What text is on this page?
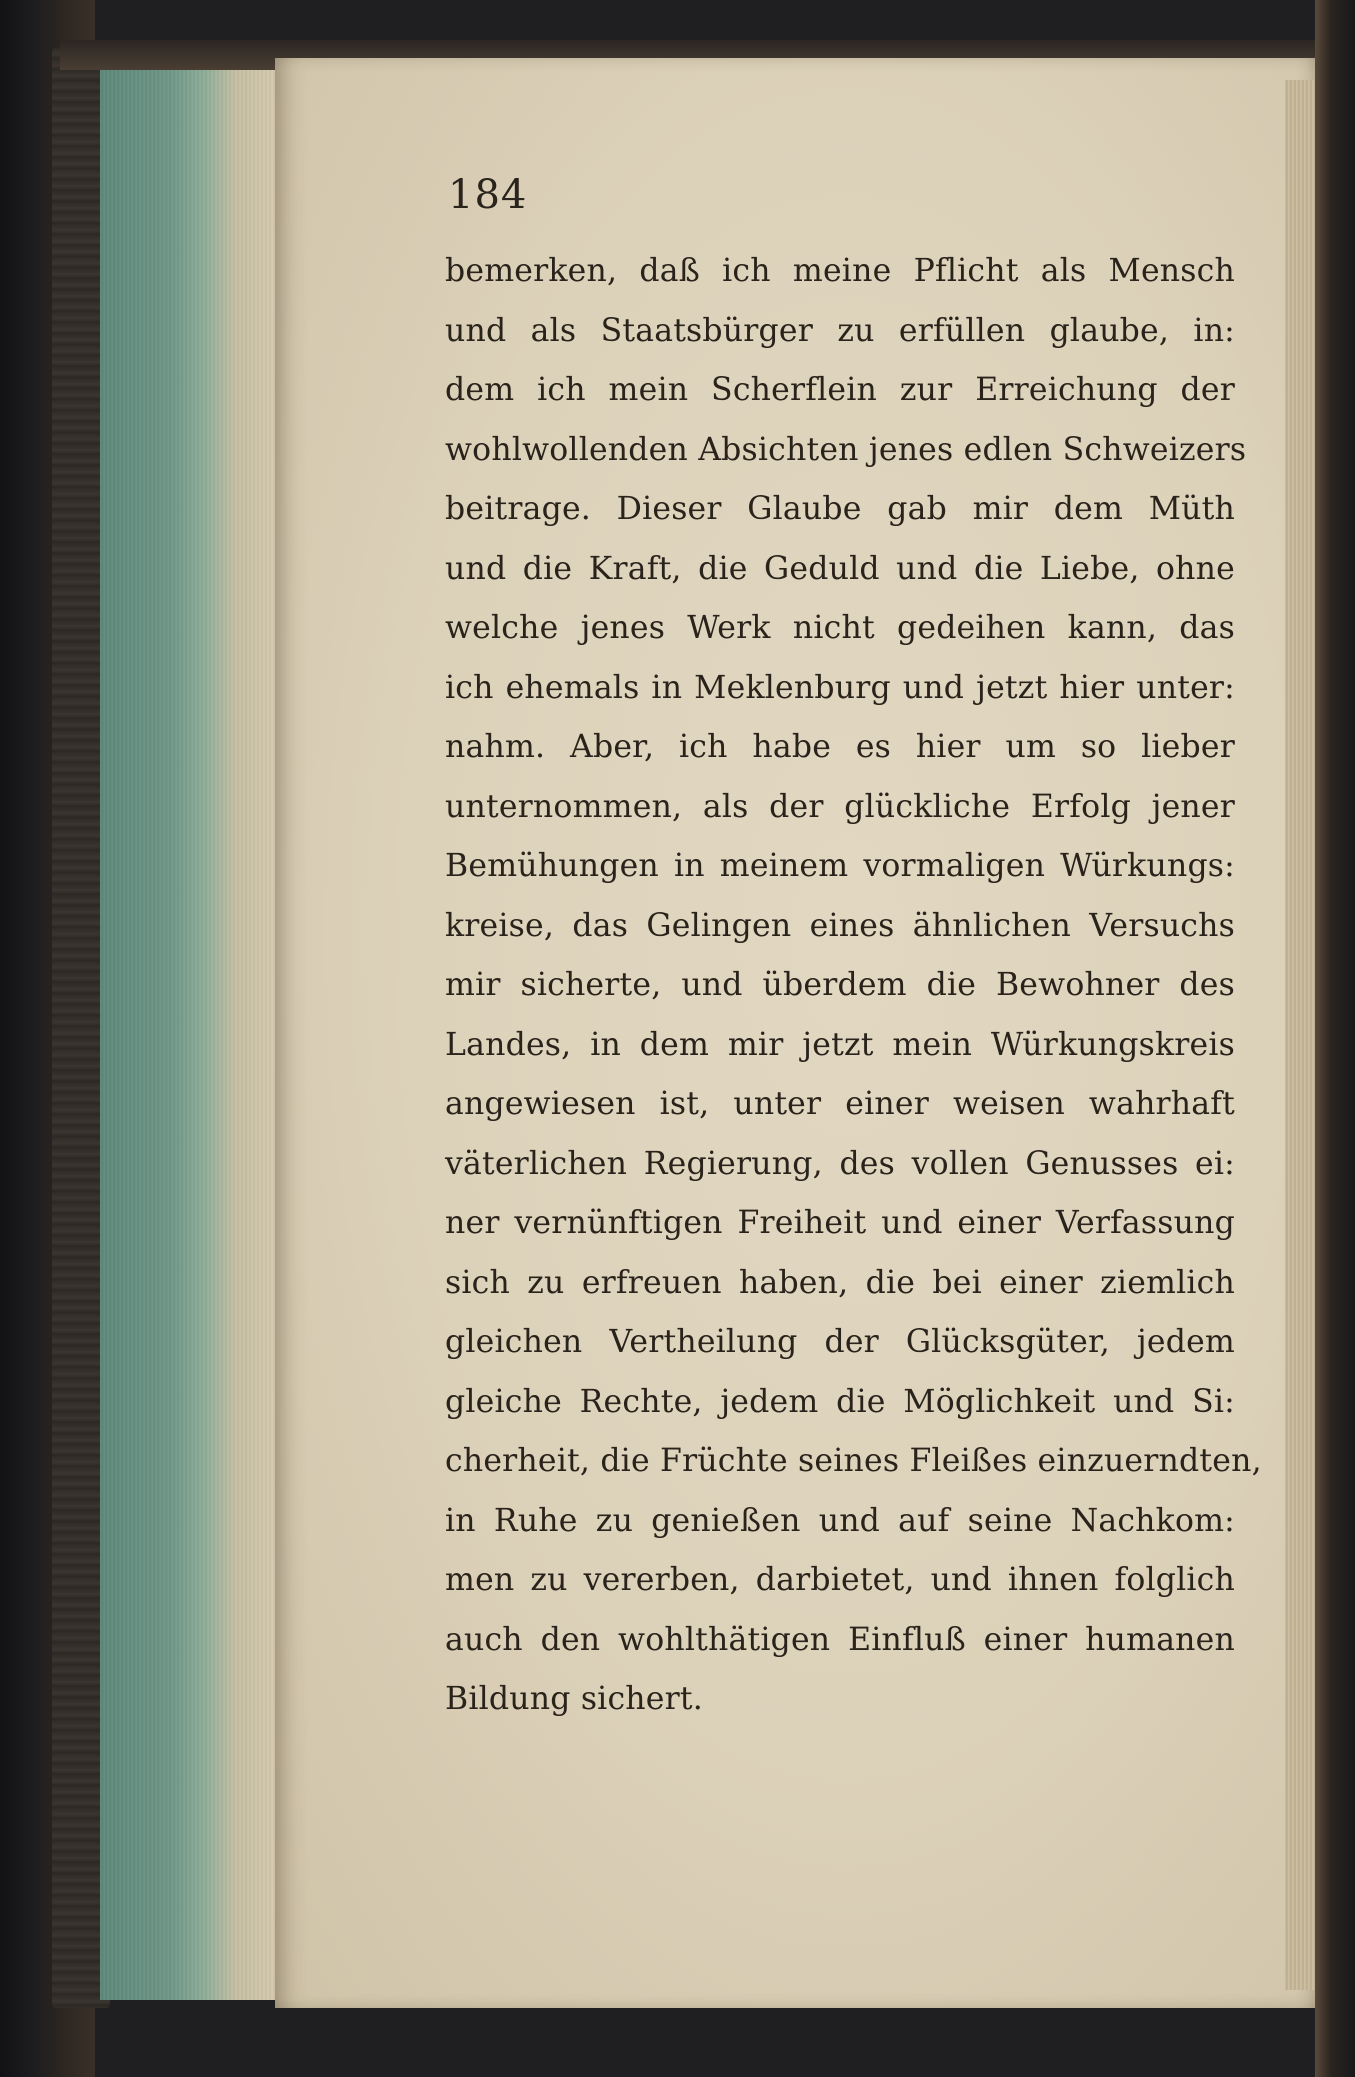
184
bemerken, daß ich meine Pflicht als Mensch
und als Staatsbürger zu erfüllen glaube, in:
dem ich mein Scherflein zur Erreichung der
wohlwollenden Absichten jenes edlen Schweizers
beitrage. Dieser Glaube gab mir dem Müth
und die Kraft, die Geduld und die Liebe, ohne
welche jenes Werk nicht gedeihen kann, das
ich ehemals in Meklenburg und jetzt hier unter:
nahm. Aber, ich habe es hier um so lieber
unternommen, als der glückliche Erfolg jener
Bemühungen in meinem vormaligen Würkungs:
kreise, das Gelingen eines ähnlichen Versuchs
mir sicherte, und überdem die Bewohner des
Landes, in dem mir jetzt mein Würkungskreis
angewiesen ist, unter einer weisen wahrhaft
väterlichen Regierung, des vollen Genusses ei:
ner vernünftigen Freiheit und einer Verfassung
sich zu erfreuen haben, die bei einer ziemlich
gleichen Vertheilung der Glücksgüter, jedem
gleiche Rechte, jedem die Möglichkeit und Si:
cherheit, die Früchte seines Fleißes einzuerndten,
in Ruhe zu genießen und auf seine Nachkom:
men zu vererben, darbietet, und ihnen folglich
auch den wohlthätigen Einfluß einer humanen
Bildung sichert.
